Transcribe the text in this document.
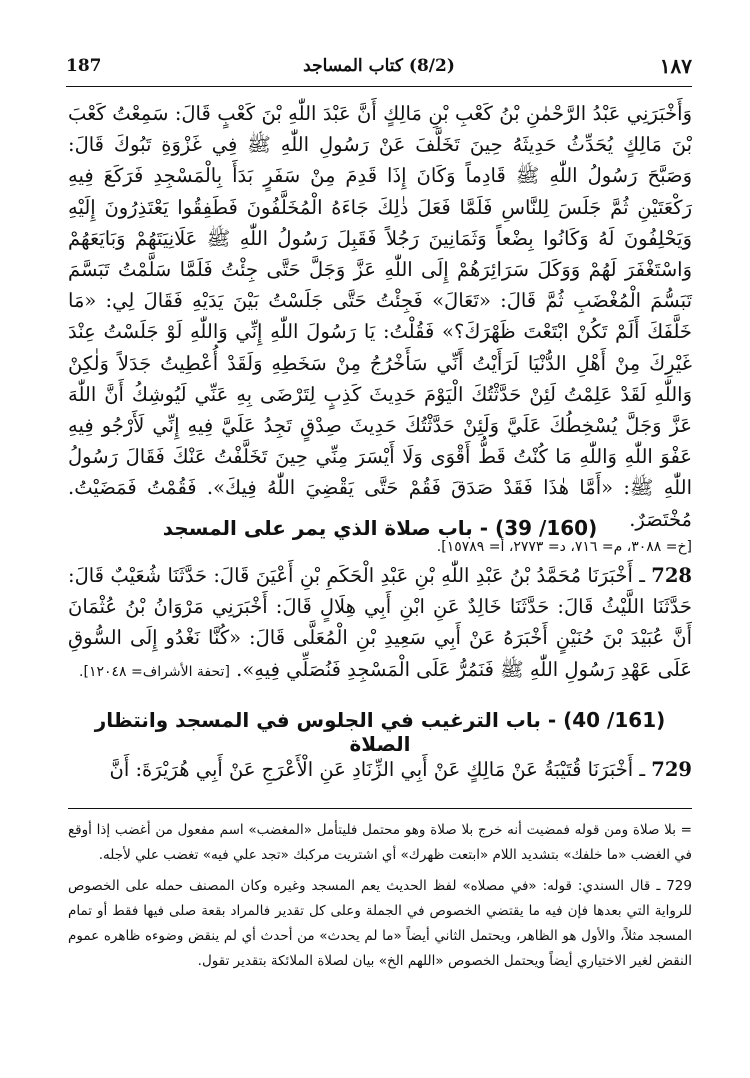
187	(8/2) كتاب المساجد	١٨٧

وَأَخْبَرَنِي عَبْدُ الرَّحْمٰنِ بْنُ كَعْبِ بْنِ مَالِكٍ أَنَّ عَبْدَ اللّٰهِ بْنَ كَعْبٍ قَالَ: سَمِعْتُ كَعْبَ بْنَ مَالِكٍ يُحَدِّثُ حَدِيثَهُ حِينَ تَخَلَّفَ عَنْ رَسُولِ اللّٰهِ ﷺ فِي غَزْوَةِ تَبُوكَ قَالَ: وَصَبَّحَ رَسُولُ اللّٰهِ ﷺ قَادِماً وَكَانَ إِذَا قَدِمَ مِنْ سَفَرٍ بَدَأَ بِالْمَسْجِدِ فَرَكَعَ فِيهِ رَكْعَتَيْنِ ثُمَّ جَلَسَ لِلنَّاسِ فَلَمَّا فَعَلَ ذٰلِكَ جَاءَهُ الْمُخَلَّفُونَ فَطَفِقُوا يَعْتَذِرُونَ إِلَيْهِ وَيَحْلِفُونَ لَهُ وَكَانُوا بِضْعاً وَثَمَانِينَ رَجُلاً فَقَبِلَ رَسُولُ اللّٰهِ ﷺ عَلَانِيَتَهُمْ وَبَايَعَهُمْ وَاسْتَغْفَرَ لَهُمْ وَوَكَلَ سَرَائِرَهُمْ إِلَى اللّٰهِ عَزَّ وَجَلَّ حَتَّى جِئْتُ فَلَمَّا سَلَّمْتُ تَبَسَّمَ تَبَسُّمَ الْمُغْضَبِ ثُمَّ قَالَ: «تَعَالَ» فَجِئْتُ حَتَّى جَلَسْتُ بَيْنَ يَدَيْهِ فَقَالَ لِي: «مَا خَلَّفَكَ أَلَمْ تَكُنْ ابْتَعْتَ ظَهْرَكَ؟» فَقُلْتُ: يَا رَسُولَ اللّٰهِ إِنِّي وَاللّٰهِ لَوْ جَلَسْتُ عِنْدَ غَيْرِكَ مِنْ أَهْلِ الدُّنْيَا لَرَأَيْتُ أَنِّي سَأَخْرُجُ مِنْ سَخَطِهِ وَلَقَدْ أُعْطِيتُ جَدَلاً وَلٰكِنْ وَاللّٰهِ لَقَدْ عَلِمْتُ لَئِنْ حَدَّثْتُكَ الْيَوْمَ حَدِيثَ كَذِبٍ لِتَرْضَى بِهِ عَنِّي لَيُوشِكُ أَنَّ اللّٰهَ عَزَّ وَجَلَّ يُسْخِطُكَ عَلَيَّ وَلَئِنْ حَدَّثْتُكَ حَدِيثَ صِدْقٍ تَجِدُ عَلَيَّ فِيهِ إِنِّي لَأَرْجُو فِيهِ عَفْوَ اللّٰهِ وَاللّٰهِ مَا كُنْتُ قَطُّ أَقْوَى وَلَا أَيْسَرَ مِنِّي حِينَ تَخَلَّفْتُ عَنْكَ فَقَالَ رَسُولُ اللّٰهِ ﷺ: «أَمَّا هٰذَا فَقَدْ صَدَقَ فَقُمْ حَتَّى يَقْضِيَ اللّٰهُ فِيكَ». فَقُمْتُ فَمَضَيْتُ. مُخْتَصَرٌ.

[خ= ٣٠٨٨، م= ٧١٦، د= ٢٧٧٣، أ= ١٥٧٨٩].
(160/ 39) - باب صلاة الذي يمر على المسجد

728 ـ أَخْبَرَنَا مُحَمَّدُ بْنُ عَبْدِ اللّٰهِ بْنِ عَبْدِ الْحَكَمِ بْنِ أَعْيَنَ قَالَ: حَدَّثَنَا شُعَيْبٌ قَالَ: حَدَّثَنَا اللَّيْثُ قَالَ: حَدَّثَنَا خَالِدٌ عَنِ ابْنِ أَبِي هِلَالٍ قَالَ: أَخْبَرَنِي مَرْوَانُ بْنُ عُثْمَانَ أَنَّ عُبَيْدَ بْنَ حُنَيْنٍ أَخْبَرَهُ عَنْ أَبِي سَعِيدِ بْنِ الْمُعَلَّى قَالَ: «كُنَّا نَغْدُو إِلَى السُّوقِ عَلَى عَهْدِ رَسُولِ اللّٰهِ ﷺ فَنَمُرُّ عَلَى الْمَسْجِدِ فَنُصَلِّي فِيهِ». [تحفة الأشراف= ١٢٠٤٨].

(161/ 40) - باب الترغيب في الجلوس في المسجد وانتظار الصلاة

729 ـ أَخْبَرَنَا قُتَيْبَةُ عَنْ مَالِكٍ عَنْ أَبِي الزِّنَادِ عَنِ الْأَعْرَجِ عَنْ أَبِي هُرَيْرَةَ: أَنَّ

= بلا صلاة ومن قوله فمضيت أنه خرج بلا صلاة وهو محتمل فليتأمل «المغضب» اسم مفعول من أغضب إذا أوقع في الغضب «ما خلفك» بتشديد اللام «ابتعت ظهرك» أي اشتريت مركبك «تجد علي فيه» تغضب علي لأجله.

729 ـ قال السندي: قوله: «في مصلاه» لفظ الحديث يعم المسجد وغيره وكان المصنف حمله على الخصوص للرواية التي بعدها فإن فيه ما يقتضي الخصوص في الجملة وعلى كل تقدير فالمراد بقعة صلى فيها فقط أو تمام المسجد مثلاً، والأول هو الظاهر، ويحتمل الثاني أيضاً «ما لم يحدث» من أحدث أي لم ينقض وضوءه ظاهره عموم النقض لغير الاختياري أيضاً ويحتمل الخصوص «اللهم الخ» بيان لصلاة الملائكة بتقدير تقول.
